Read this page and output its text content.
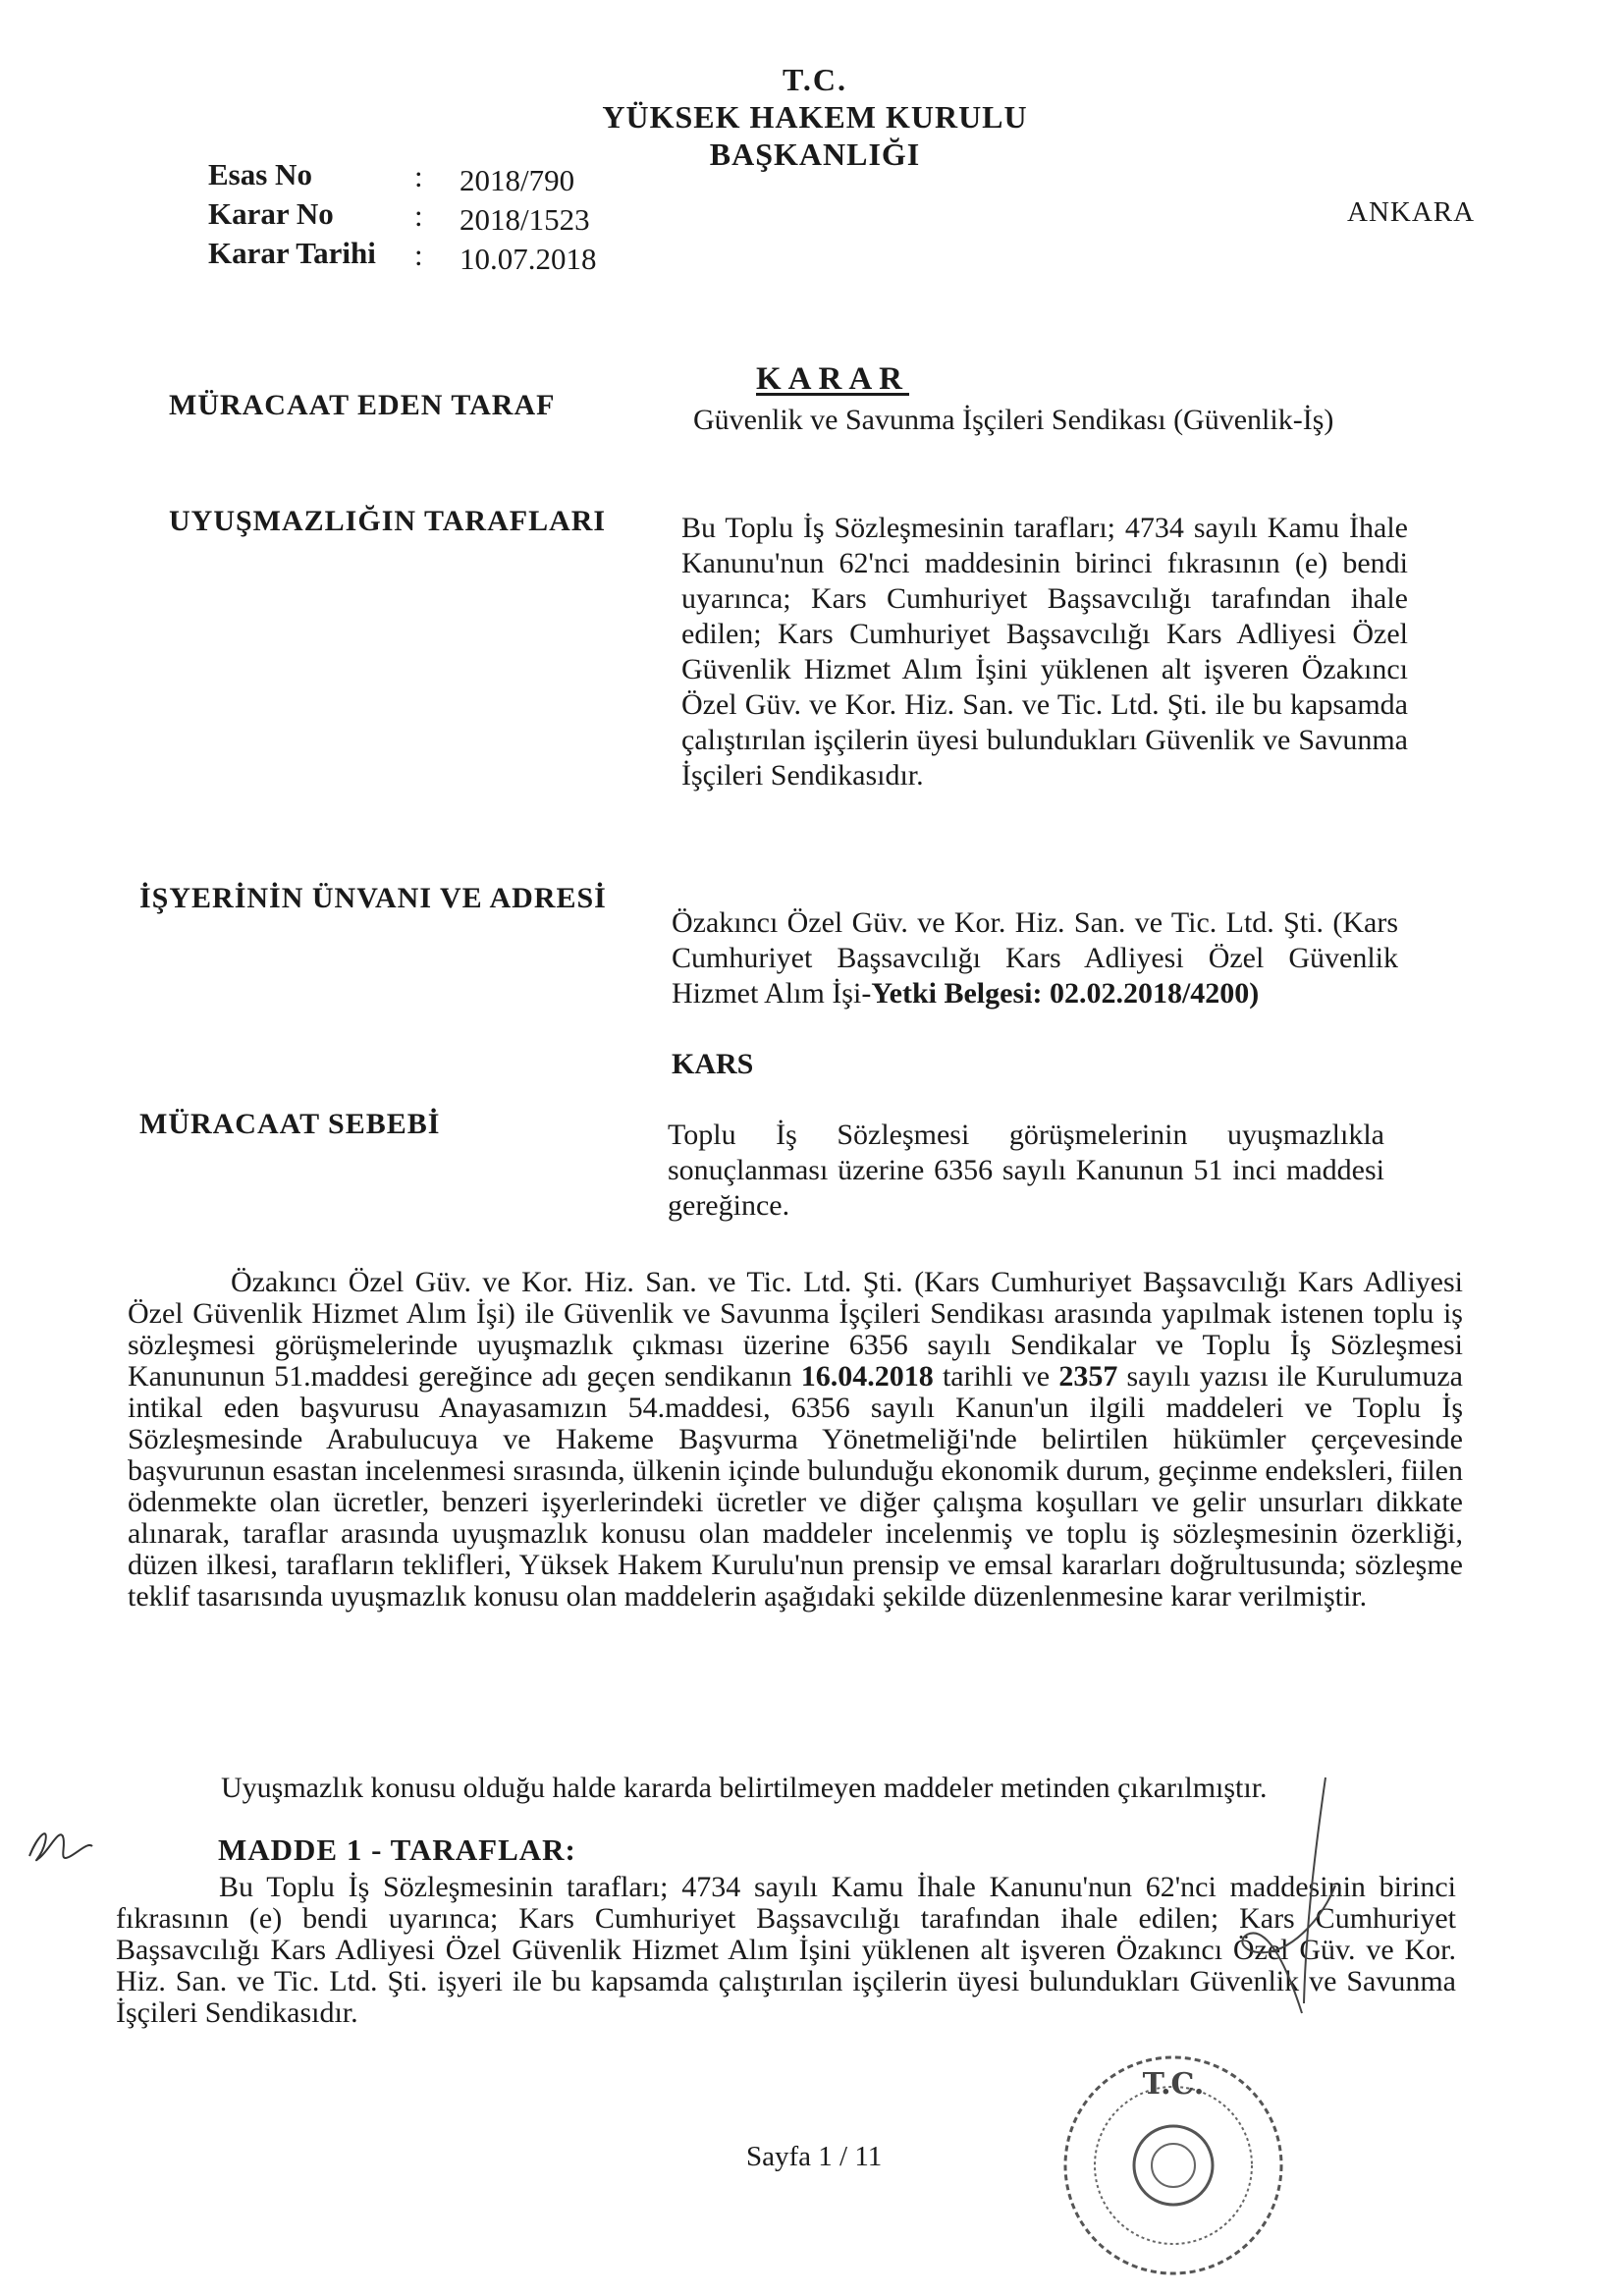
T.C.
YÜKSEK HAKEM KURULU
BAŞKANLIĞI
Esas No	: 2018/790
Karar No	: 2018/1523
Karar Tarihi : 10.07.2018
ANKARA
KARAR
MÜRACAAT EDEN TARAF	Güvenlik ve Savunma İşçileri Sendikası (Güvenlik-İş)
UYUŞMAZLIĞIN TARAFLARI	Bu Toplu İş Sözleşmesinin tarafları; 4734 sayılı Kamu İhale Kanunu'nun 62'nci maddesinin birinci fıkrasının (e) bendi uyarınca; Kars Cumhuriyet Başsavcılığı tarafından ihale edilen; Kars Cumhuriyet Başsavcılığı Kars Adliyesi Özel Güvenlik Hizmet Alım İşini yüklenen alt işveren Özakıncı Özel Güv. ve Kor. Hiz. San. ve Tic. Ltd. Şti. ile bu kapsamda çalıştırılan işçilerin üyesi bulundukları Güvenlik ve Savunma İşçileri Sendikasıdır.
İŞYERİNİN ÜNVANI VE ADRESİ
Özakıncı Özel Güv. ve Kor. Hiz. San. ve Tic. Ltd. Şti. (Kars Cumhuriyet Başsavcılığı Kars Adliyesi Özel Güvenlik Hizmet Alım İşi-Yetki Belgesi: 02.02.2018/4200)
KARS
MÜRACAAT SEBEBİ	Toplu İş Sözleşmesi görüşmelerinin uyuşmazlıkla sonuçlanması üzerine 6356 sayılı Kanunun 51 inci maddesi gereğince.
Özakıncı Özel Güv. ve Kor. Hiz. San. ve Tic. Ltd. Şti. (Kars Cumhuriyet Başsavcılığı Kars Adliyesi Özel Güvenlik Hizmet Alım İşi) ile Güvenlik ve Savunma İşçileri Sendikası arasında yapılmak istenen toplu iş sözleşmesi görüşmelerinde uyuşmazlık çıkması üzerine 6356 sayılı Sendikalar ve Toplu İş Sözleşmesi Kanununun 51.maddesi gereğince adı geçen sendikanın 16.04.2018 tarihli ve 2357 sayılı yazısı ile Kurulumuza intikal eden başvurusu Anayasamızın 54.maddesi, 6356 sayılı Kanun'un ilgili maddeleri ve Toplu İş Sözleşmesinde Arabulucuya ve Hakeme Başvurma Yönetmeliği'nde belirtilen hükümler çerçevesinde başvurunun esastan incelenmesi sırasında, ülkenin içinde bulunduğu ekonomik durum, geçinme endeksleri, fiilen ödenmekte olan ücretler, benzeri işyerlerindeki ücretler ve diğer çalışma koşulları ve gelir unsurları dikkate alınarak, taraflar arasında uyuşmazlık konusu olan maddeler incelenmiş ve toplu iş sözleşmesinin özerkliği, düzen ilkesi, tarafların teklifleri, Yüksek Hakem Kurulu'nun prensip ve emsal kararları doğrultusunda; sözleşme teklif tasarısında uyuşmazlık konusu olan maddelerin aşağıdaki şekilde düzenlenmesine karar verilmiştir.
Uyuşmazlık konusu olduğu halde kararda belirtilmeyen maddeler metinden çıkarılmıştır.
MADDE 1 - TARAFLAR:
Bu Toplu İş Sözleşmesinin tarafları; 4734 sayılı Kamu İhale Kanunu'nun 62'nci maddesinin birinci fıkrasının (e) bendi uyarınca; Kars Cumhuriyet Başsavcılığı tarafından ihale edilen; Kars Cumhuriyet Başsavcılığı Kars Adliyesi Özel Güvenlik Hizmet Alım İşini yüklenen alt işveren Özakıncı Özel Güv. ve Kor. Hiz. San. ve Tic. Ltd. Şti. işyeri ile bu kapsamda çalıştırılan işçilerin üyesi bulundukları Güvenlik ve Savunma İşçileri Sendikasıdır.
Sayfa 1 / 11
T.C.
